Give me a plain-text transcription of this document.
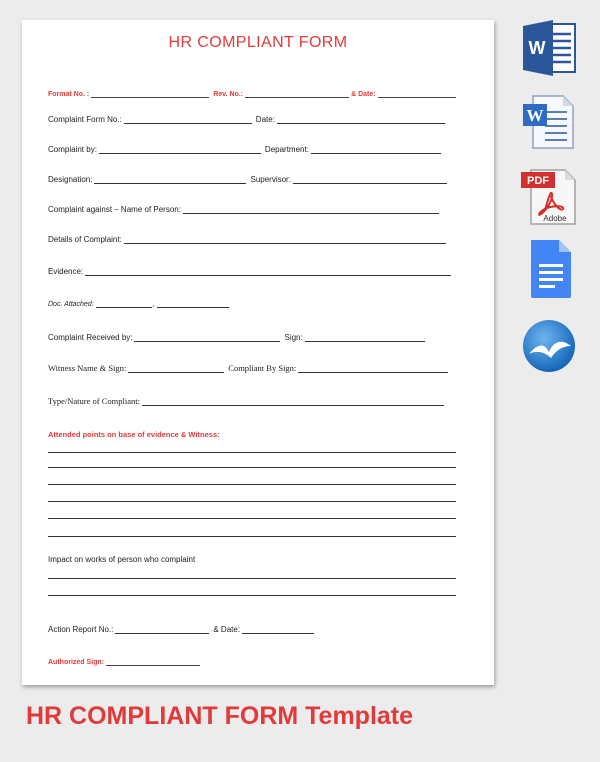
HR COMPLIANT FORM
Format No. :	Rev. No.:	& Date:
Complaint Form No.:	Date:
Complaint by:	Department:
Designation:	Supervisor:
Complaint against – Name of Person:
Details of Complaint:
Evidence:
Doc. Attached:	,
Complaint Received by:	Sign:
Witness Name & Sign:	Compliant By Sign:
Type/Nature of Compliant:
Attended points on base of evidence & Witness:
Impact on works of person who complaint
Action Report No.:	& Date:
Authorized Sign:
W
W
PDF
Adobe
HR COMPLIANT FORM Template
